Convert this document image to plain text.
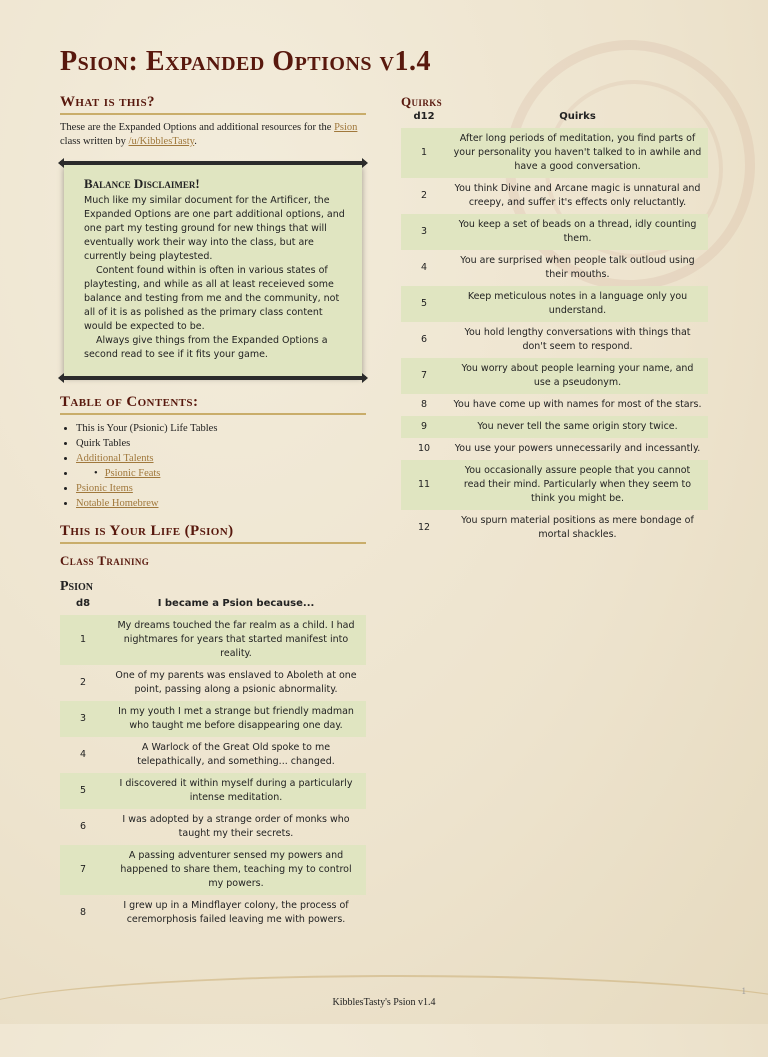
Psion: Expanded Options v1.4
What is this?

These are the Expanded Options and additional resources for the Psion class written by /u/KibblesTasty.

Balance Disclaimer!

Much like my similar document for the Artificer, the Expanded Options are one part additional options, and one part my testing ground for new things that will eventually work their way into the class, but are currently being playtested.

Content found within is often in various states of playtesting, and while as all at least receieved some balance and testing from me and the community, not all of it is as polished as the primary class content would be expected to be.

Always give things from the Expanded Options a second read to see if it fits your game.

Table of Contents:
• This is Your (Psionic) Life Tables
• Quirk Tables
• Additional Talents
• • Psionic Feats
• Psionic Items
• Notable Homebrew
This is Your Life (Psion)
Class Training
Psion
d8	I became a Psion because...
1	My dreams touched the far realm as a child. I had nightmares for years that started manifest into reality.
2	One of my parents was enslaved to Aboleth at one point, passing along a psionic abnormality.
3	In my youth I met a strange but friendly madman who taught me before disappearing one day.
4	A Warlock of the Great Old spoke to me telepathically, and something... changed.
5	I discovered it within myself during a particularly intense meditation.
6	I was adopted by a strange order of monks who taught my their secrets.
7	A passing adventurer sensed my powers and happened to share them, teaching my to control my powers.
8	I grew up in a Mindflayer colony, the process of ceremorphosis failed leaving me with powers.
Quirks
d12	Quirks
1	After long periods of meditation, you find parts of your personality you haven't talked to in awhile and have a good conversation.
2	You think Divine and Arcane magic is unnatural and creepy, and suffer it's effects only reluctantly.
3	You keep a set of beads on a thread, idly counting them.
4	You are surprised when people talk outloud using their mouths.
5	Keep meticulous notes in a language only you understand.
6	You hold lengthy conversations with things that don't seem to respond.
7	You worry about people learning your name, and use a pseudonym.
8	You have come up with names for most of the stars.
9	You never tell the same origin story twice.
10	You use your powers unnecessarily and incessantly.
11	You occasionally assure people that you cannot read their mind. Particularly when they seem to think you might be.
12	You spurn material positions as mere bondage of mortal shackles.
KibblesTasty's Psion v1.4
1
